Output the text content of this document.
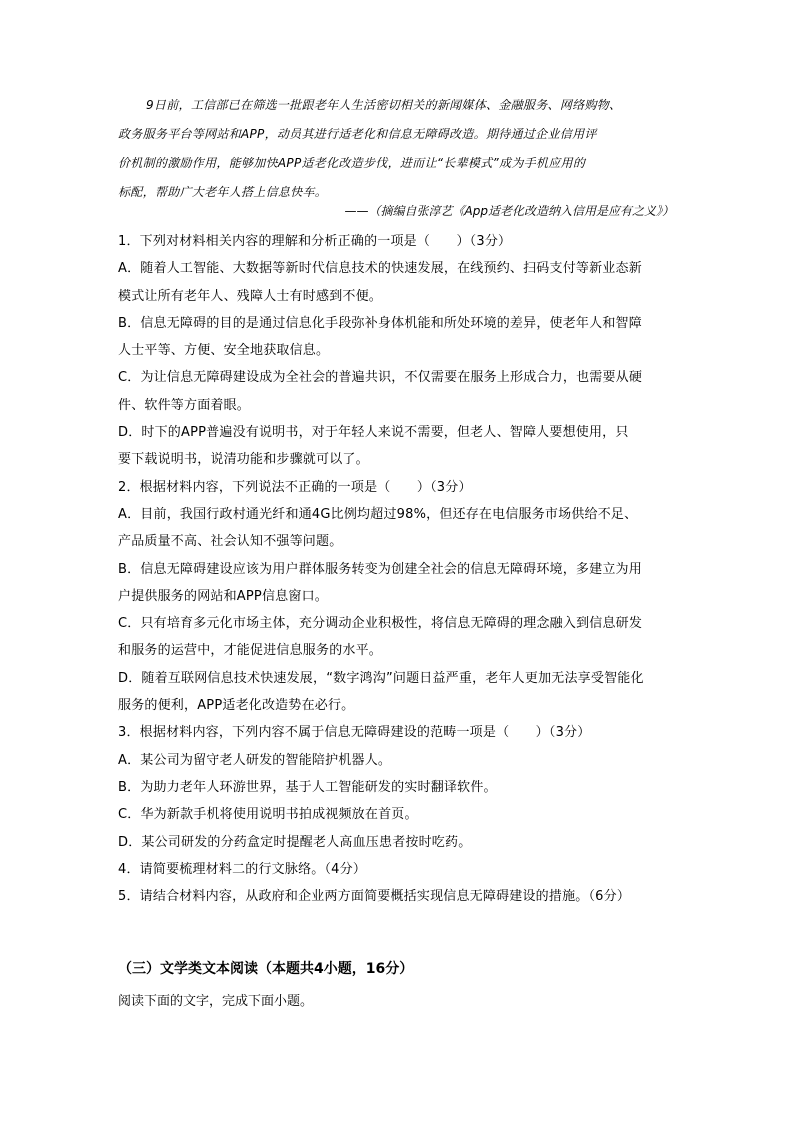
9日前，工信部已在筛选一批跟老年人生活密切相关的新闻媒体、金融服务、网络购物、

政务服务平台等网站和APP，动员其进行适老化和信息无障碍改造。期待通过企业信用评

价机制的激励作用，能够加快APP适老化改造步伐，进而让“长辈模式”成为手机应用的

标配，帮助广大老年人搭上信息快车。

——（摘编自张淳艺《App适老化改造纳入信用是应有之义》）
1．下列对材料相关内容的理解和分析正确的一项是（　　）（3分）
A．随着人工智能、大数据等新时代信息技术的快速发展，在线预约、扫码支付等新业态新
模式让所有老年人、残障人士有时感到不便。
B．信息无障碍的目的是通过信息化手段弥补身体机能和所处环境的差异，使老年人和智障
人士平等、方便、安全地获取信息。
C．为让信息无障碍建设成为全社会的普遍共识，不仅需要在服务上形成合力，也需要从硬
件、软件等方面着眼。
D．时下的APP普遍没有说明书，对于年轻人来说不需要，但老人、智障人要想使用，只
要下载说明书，说清功能和步骤就可以了。
2．根据材料内容，下列说法不正确的一项是（　　）（3分）
A．目前，我国行政村通光纤和通4G比例均超过98%，但还存在电信服务市场供给不足、
产品质量不高、社会认知不强等问题。
B．信息无障碍建设应该为用户群体服务转变为创建全社会的信息无障碍环境，多建立为用
户提供服务的网站和APP信息窗口。
C．只有培育多元化市场主体，充分调动企业积极性，将信息无障碍的理念融入到信息研发
和服务的运营中，才能促进信息服务的水平。
D．随着互联网信息技术快速发展，“数字鸿沟”问题日益严重，老年人更加无法享受智能化
服务的便利，APP适老化改造势在必行。
3．根据材料内容，下列内容不属于信息无障碍建设的范畴一项是（　　）（3分）
A．某公司为留守老人研发的智能陪护机器人。
B．为助力老年人环游世界，基于人工智能研发的实时翻译软件。
C．华为新款手机将使用说明书拍成视频放在首页。
D．某公司研发的分药盒定时提醒老人高血压患者按时吃药。
4．请简要梳理材料二的行文脉络。（4分）
5．请结合材料内容，从政府和企业两方面简要概括实现信息无障碍建设的措施。（6分）
（三）文学类文本阅读（本题共4小题，16分）
阅读下面的文字，完成下面小题。
